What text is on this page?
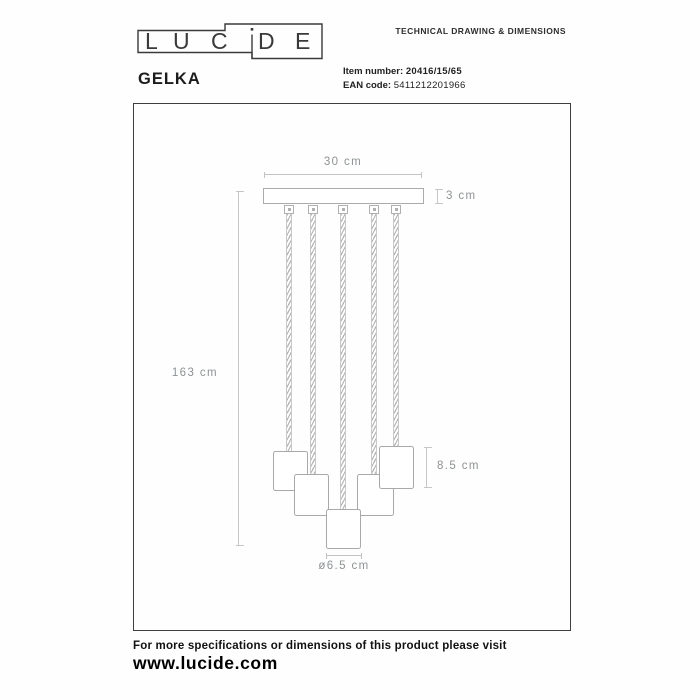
L U C D E	TECHNICAL DRAWING & DIMENSIONS
GELKA	Item number: 20416/15/65
EAN code: 5411212201966
30 cm
3 cm
163 cm
8.5 cm
ø6.5 cm
For more specifications or dimensions of this product please visit
www.lucide.com
